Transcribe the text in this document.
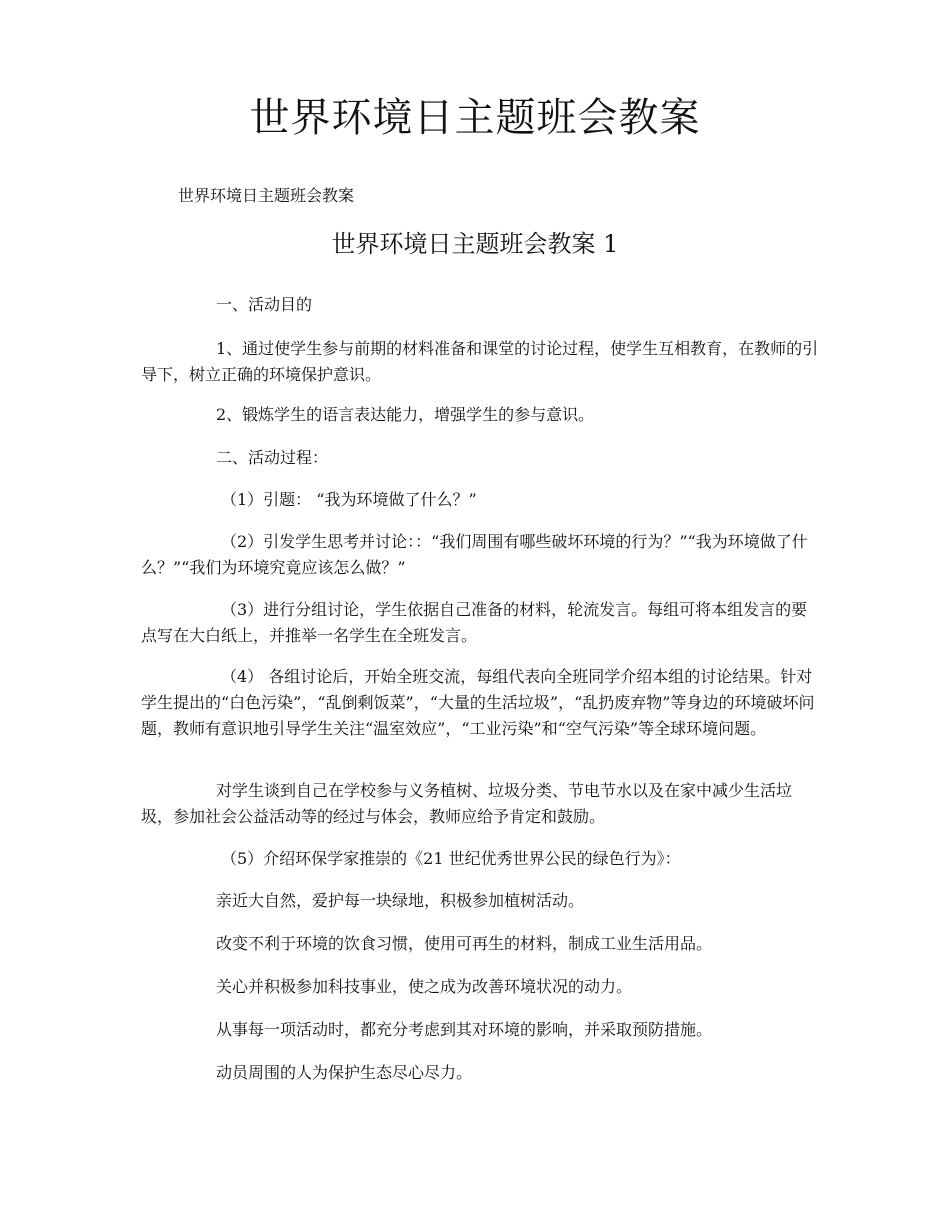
世界环境日主题班会教案

世界环境日主题班会教案

世界环境日主题班会教案 1

一、活动目的

1、通过使学生参与前期的材料准备和课堂的讨论过程，使学生互相教育，在教师的引导下，树立正确的环境保护意识。

2、锻炼学生的语言表达能力，增强学生的参与意识。

二、活动过程：

（1）引题： “我为环境做了什么？”

（2）引发学生思考并讨论：：“我们周围有哪些破坏环境的行为？”“我为环境做了什么？”“我们为环境究竟应该怎么做？”

（3）进行分组讨论，学生依据自己准备的材料，轮流发言。每组可将本组发言的要点写在大白纸上，并推举一名学生在全班发言。

（4） 各组讨论后，开始全班交流，每组代表向全班同学介绍本组的讨论结果。针对学生提出的“白色污染”，“乱倒剩饭菜”，“大量的生活垃圾”，“乱扔废弃物”等身边的环境破坏问题，教师有意识地引导学生关注“温室效应”，“工业污染”和“空气污染”等全球环境问题。

对学生谈到自己在学校参与义务植树、垃圾分类、节电节水以及在家中减少生活垃圾，参加社会公益活动等的经过与体会，教师应给予肯定和鼓励。

（5）介绍环保学家推崇的《21 世纪优秀世界公民的绿色行为》：

亲近大自然，爱护每一块绿地，积极参加植树活动。

改变不利于环境的饮食习惯，使用可再生的材料，制成工业生活用品。

关心并积极参加科技事业，使之成为改善环境状况的动力。

从事每一项活动时，都充分考虑到其对环境的影响，并采取预防措施。

动员周围的人为保护生态尽心尽力。
